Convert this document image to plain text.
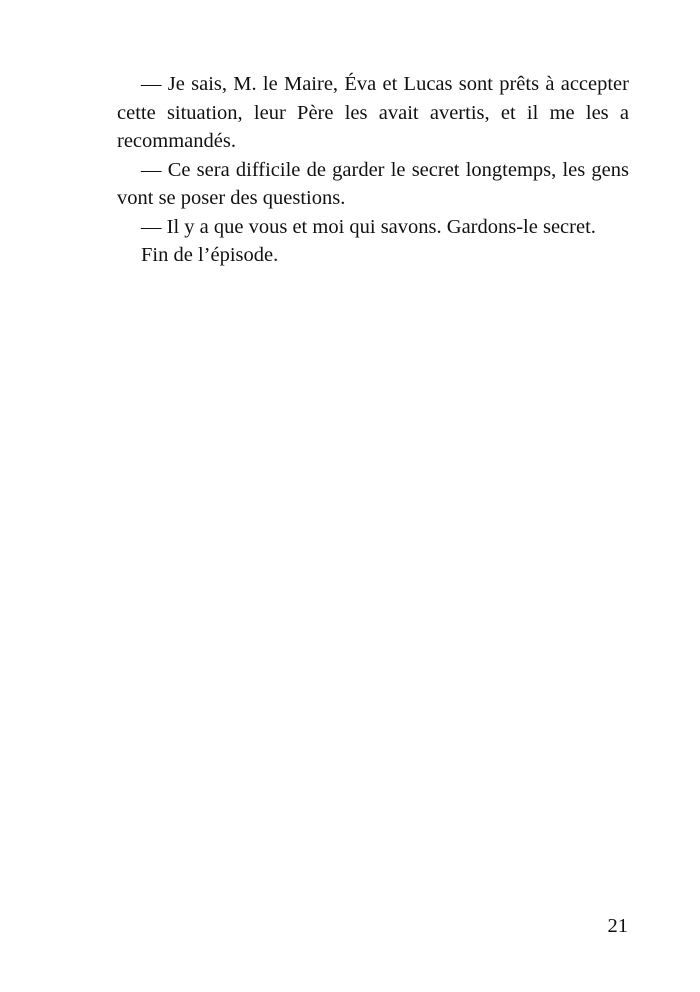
— Je sais, M. le Maire, Éva et Lucas sont prêts à accepter cette situation, leur Père les avait avertis, et il me les a recommandés.

— Ce sera difficile de garder le secret longtemps, les gens vont se poser des questions.

— Il y a que vous et moi qui savons. Gardons-le secret.

Fin de l’épisode.

21
